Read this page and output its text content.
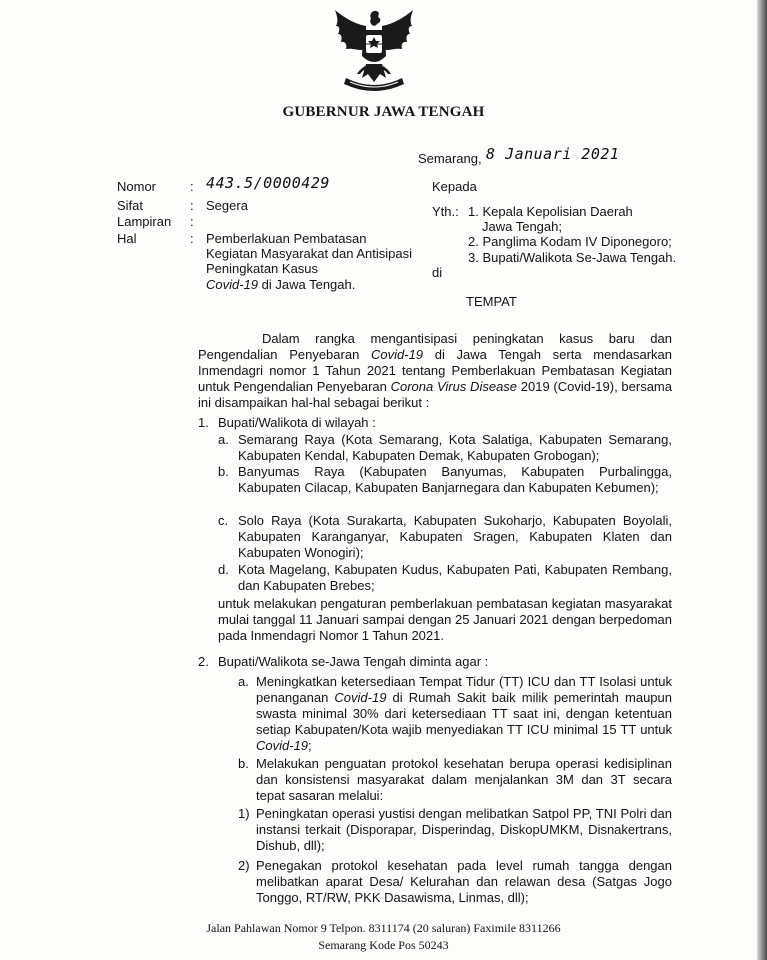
GUBERNUR JAWA TENGAH
Semarang, 8 Januari 2021
Nomor	: 443.5/0000429
Sifat	: Segera
Lampiran :
Hal	: Pemberlakuan Pembatasan
Kegiatan Masyarakat dan Antisipasi
Peningkatan Kasus
Covid-19 di Jawa Tengah.
Kepada
Yth.: 1. Kepala Kepolisian Daerah
Jawa Tengah;
2. Panglima Kodam IV Diponegoro;
3. Bupati/Walikota Se-Jawa Tengah.
di
TEMPAT
Dalam rangka mengantisipasi peningkatan kasus baru dan Pengendalian Penyebaran Covid-19 di Jawa Tengah serta mendasarkan Inmendagri nomor 1 Tahun 2021 tentang Pemberlakuan Pembatasan Kegiatan untuk Pengendalian Penyebaran Corona Virus Disease 2019 (Covid-19), bersama ini disampaikan hal-hal sebagai berikut :
1. Bupati/Walikota di wilayah :
a. Semarang Raya (Kota Semarang, Kota Salatiga, Kabupaten Semarang, Kabupaten Kendal, Kabupaten Demak, Kabupaten Grobogan);
b. Banyumas Raya (Kabupaten Banyumas, Kabupaten Purbalingga, Kabupaten Cilacap, Kabupaten Banjarnegara dan Kabupaten Kebumen);
c. Solo Raya (Kota Surakarta, Kabupaten Sukoharjo, Kabupaten Boyolali, Kabupaten Karanganyar, Kabupaten Sragen, Kabupaten Klaten dan Kabupaten Wonogiri);
d. Kota Magelang, Kabupaten Kudus, Kabupaten Pati, Kabupaten Rembang, dan Kabupaten Brebes;
untuk melakukan pengaturan pemberlakuan pembatasan kegiatan masyarakat mulai tanggal 11 Januari sampai dengan 25 Januari 2021 dengan berpedoman pada Inmendagri Nomor 1 Tahun 2021.
2. Bupati/Walikota se-Jawa Tengah diminta agar :
a. Meningkatkan ketersediaan Tempat Tidur (TT) ICU dan TT Isolasi untuk penanganan Covid-19 di Rumah Sakit baik milik pemerintah maupun swasta minimal 30% dari ketersediaan TT saat ini, dengan ketentuan setiap Kabupaten/Kota wajib menyediakan TT ICU minimal 15 TT untuk Covid-19;
b. Melakukan penguatan protokol kesehatan berupa operasi kedisiplinan dan konsistensi masyarakat dalam menjalankan 3M dan 3T secara tepat sasaran melalui:
1) Peningkatan operasi yustisi dengan melibatkan Satpol PP, TNI Polri dan instansi terkait (Disporapar, Disperindag, DiskopUMKM, Disnakertrans, Dishub, dll);
2) Penegakan protokol kesehatan pada level rumah tangga dengan melibatkan aparat Desa/ Kelurahan dan relawan desa (Satgas Jogo Tonggo, RT/RW, PKK Dasawisma, Linmas, dll);
Jalan Pahlawan Nomor 9 Telpon. 8311174 (20 saluran) Faximile 8311266
Semarang Kode Pos 50243
